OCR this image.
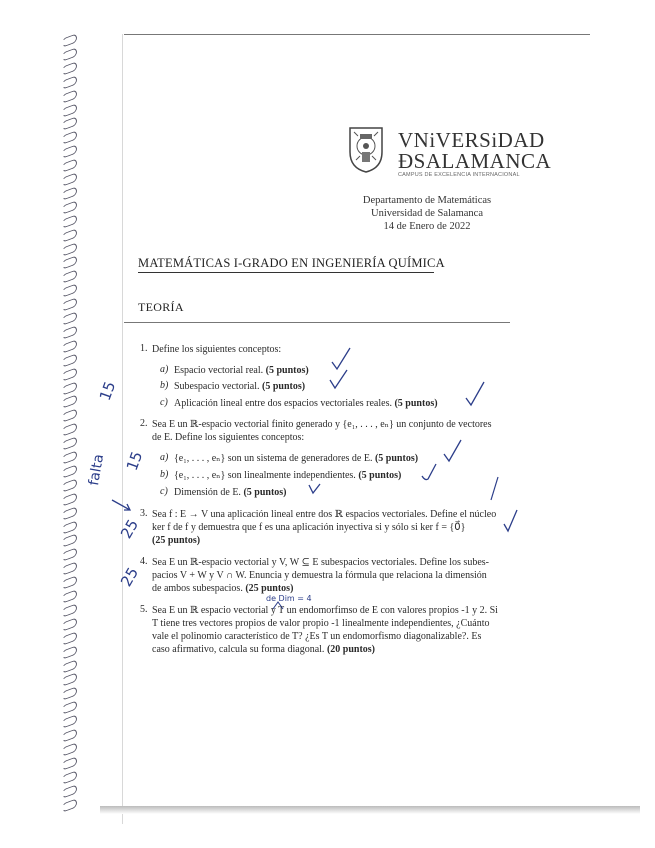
VNiVERSiDAD
ÐSALAMANCA
CAMPUS DE EXCELENCIA INTERNACIONAL
Departamento de Matemáticas
Universidad de Salamanca
14 de Enero de 2022
MATEMÁTICAS I-GRADO EN INGENIERÍA QUÍMICA
TEORÍA
1. Define los siguientes conceptos:
a) Espacio vectorial real. (5 puntos)
b) Subespacio vectorial. (5 puntos)
c) Aplicación lineal entre dos espacios vectoriales reales. (5 puntos)
2. Sea E un ℝ-espacio vectorial finito generado y {e₁, . . . , eₙ} un conjunto de vectores
de E. Define los siguientes conceptos:
a) {e₁, . . . , eₙ} son un sistema de generadores de E. (5 puntos)
b) {e₁, . . . , eₙ} son linealmente independientes. (5 puntos)
c) Dimensión de E. (5 puntos)
3. Sea f : E → V una aplicación lineal entre dos ℝ espacios vectoriales. Define el núcleo
ker f de f y demuestra que f es una aplicación inyectiva si y sólo si ker f = {0⃗}
(25 puntos)
4. Sea E un ℝ-espacio vectorial y V, W ⊆ E subespacios vectoriales. Define los subes-
pacios V + W y V ∩ W. Enuncia y demuestra la fórmula que relaciona la dimensión
de ambos subespacios. (25 puntos)
5. Sea E un ℝ espacio vectorial y T un endomorfimso de E con valores propios -1 y 2. Si
T tiene tres vectores propios de valor propio -1 linealmente independientes, ¿Cuánto
vale el polinomio característico de T? ¿Es T un endomorfismo diagonalizable?. Es
caso afirmativo, calcula su forma diagonal. (20 puntos)
15
15
falta
25
25
de Dim = 4
